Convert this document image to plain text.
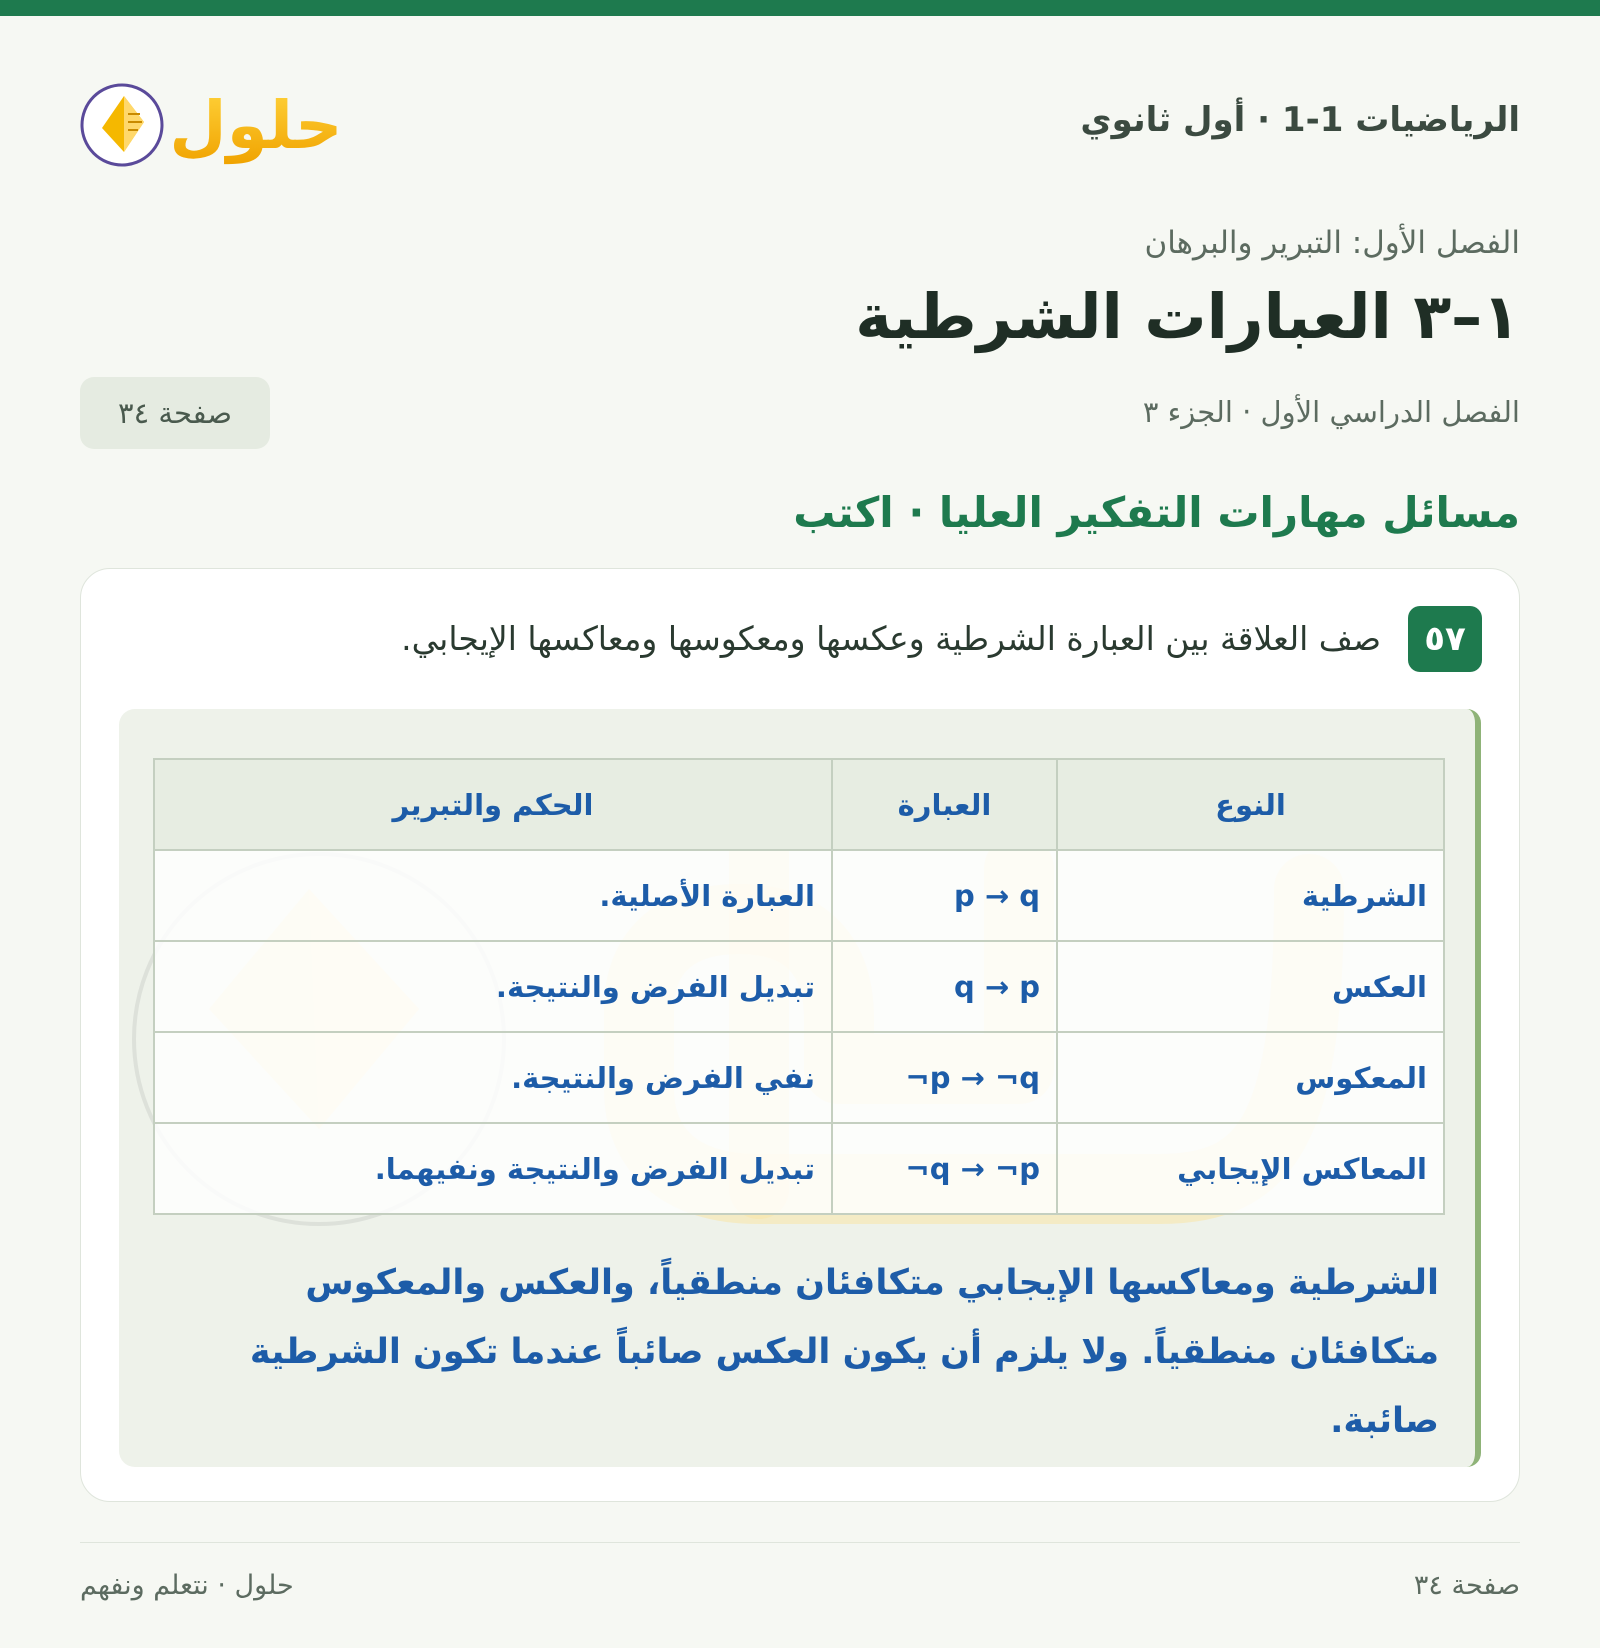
الرياضيات 1-1 · أول ثانوي
حلول
الفصل الأول: التبرير والبرهان
١–٣ العبارات الشرطية
الفصل الدراسي الأول · الجزء ٣
صفحة ٣٤
مسائل مهارات التفكير العليا · اكتب
٥٧
صف العلاقة بين العبارة الشرطية وعكسها ومعكوسها ومعاكسها الإيجابي.
النوع	العبارة	الحكم والتبرير
الشرطية	p → q	العبارة الأصلية.
العكس	q → p	تبديل الفرض والنتيجة.
المعكوس	¬p → ¬q	نفي الفرض والنتيجة.
المعاكس الإيجابي	¬q → ¬p	تبديل الفرض والنتيجة ونفيهما.
الشرطية ومعاكسها الإيجابي متكافئان منطقياً، والعكس والمعكوس متكافئان منطقياً. ولا يلزم أن يكون العكس صائباً عندما تكون الشرطية صائبة.
صفحة ٣٤
حلول · نتعلم ونفهم
